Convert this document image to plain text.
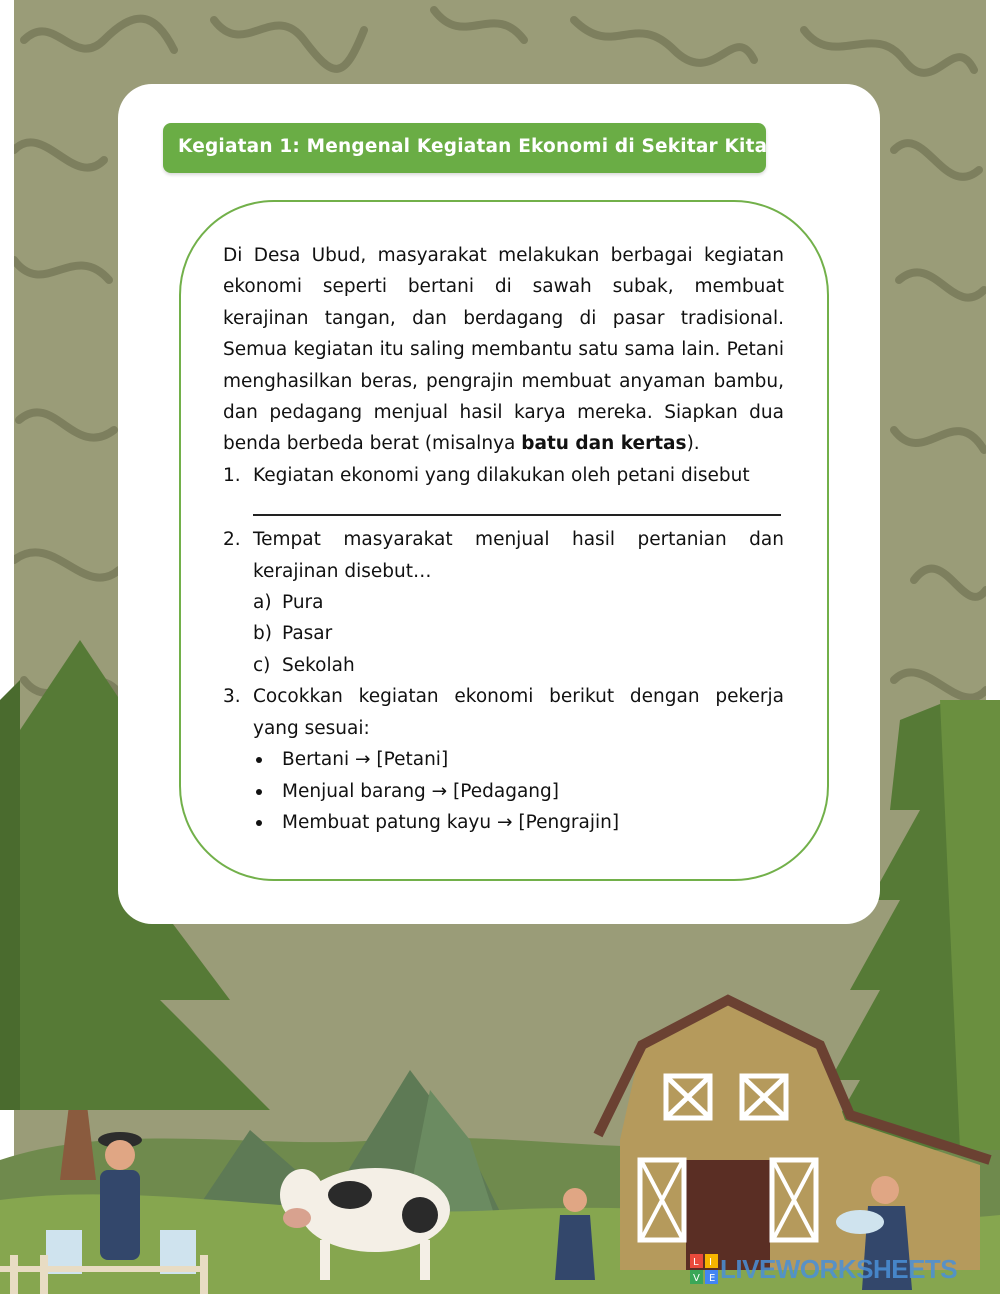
Kegiatan 1: Mengenal Kegiatan Ekonomi di Sekitar Kita

Di Desa Ubud, masyarakat melakukan berbagai kegiatan ekonomi seperti bertani di sawah subak, membuat kerajinan tangan, dan berdagang di pasar tradisional. Semua kegiatan itu saling membantu satu sama lain. Petani menghasilkan beras, pengrajin membuat anyaman bambu, dan pedagang menjual hasil karya mereka. Siapkan dua benda berbeda berat (misalnya batu dan kertas).

1. Kegiatan ekonomi yang dilakukan oleh petani disebut
2. Tempat masyarakat menjual hasil pertanian dan kerajinan disebut…
a) Pura
b) Pasar
c) Sekolah
3. Cocokkan kegiatan ekonomi berikut dengan pekerja yang sesuai:
Bertani → [Petani]
Menjual barang → [Pedagang]
Membuat patung kayu → [Pengrajin]
L I
V E LIVEWORKSHEETS
